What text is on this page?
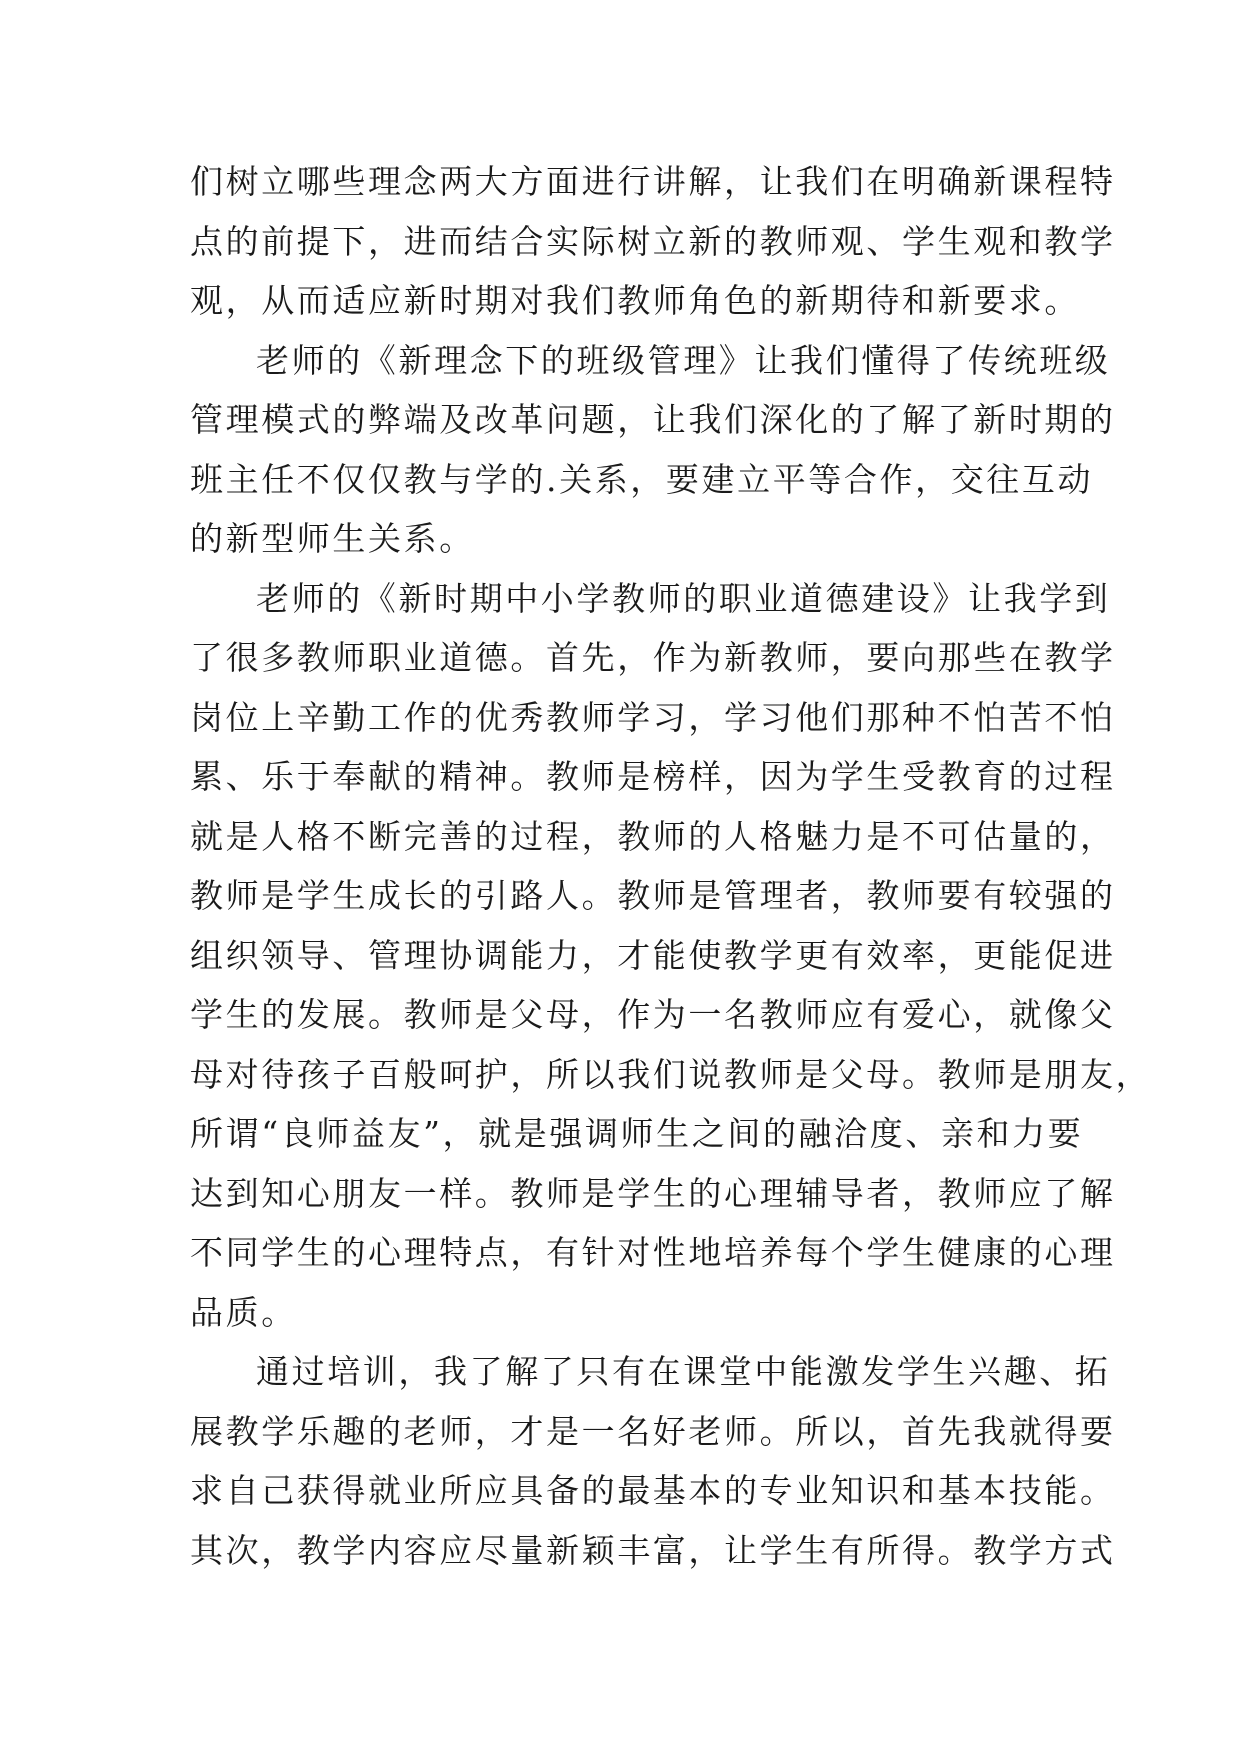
们树立哪些理念两大方面进行讲解，让我们在明确新课程特
点的前提下，进而结合实际树立新的教师观、学生观和教学
观，从而适应新时期对我们教师角色的新期待和新要求。
老师的《新理念下的班级管理》让我们懂得了传统班级
管理模式的弊端及改革问题，让我们深化的了解了新时期的
班主任不仅仅教与学的.关系，要建立平等合作，交往互动
的新型师生关系。
老师的《新时期中小学教师的职业道德建设》让我学到
了很多教师职业道德。首先，作为新教师，要向那些在教学
岗位上辛勤工作的优秀教师学习，学习他们那种不怕苦不怕
累、乐于奉献的精神。教师是榜样，因为学生受教育的过程
就是人格不断完善的过程，教师的人格魅力是不可估量的，
教师是学生成长的引路人。教师是管理者，教师要有较强的
组织领导、管理协调能力，才能使教学更有效率，更能促进
学生的发展。教师是父母，作为一名教师应有爱心，就像父
母对待孩子百般呵护，所以我们说教师是父母。教师是朋友，
所谓“良师益友”，就是强调师生之间的融洽度、亲和力要
达到知心朋友一样。教师是学生的心理辅导者，教师应了解
不同学生的心理特点，有针对性地培养每个学生健康的心理
品质。
通过培训，我了解了只有在课堂中能激发学生兴趣、拓
展教学乐趣的老师，才是一名好老师。所以，首先我就得要
求自己获得就业所应具备的最基本的专业知识和基本技能。
其次，教学内容应尽量新颖丰富，让学生有所得。教学方式
